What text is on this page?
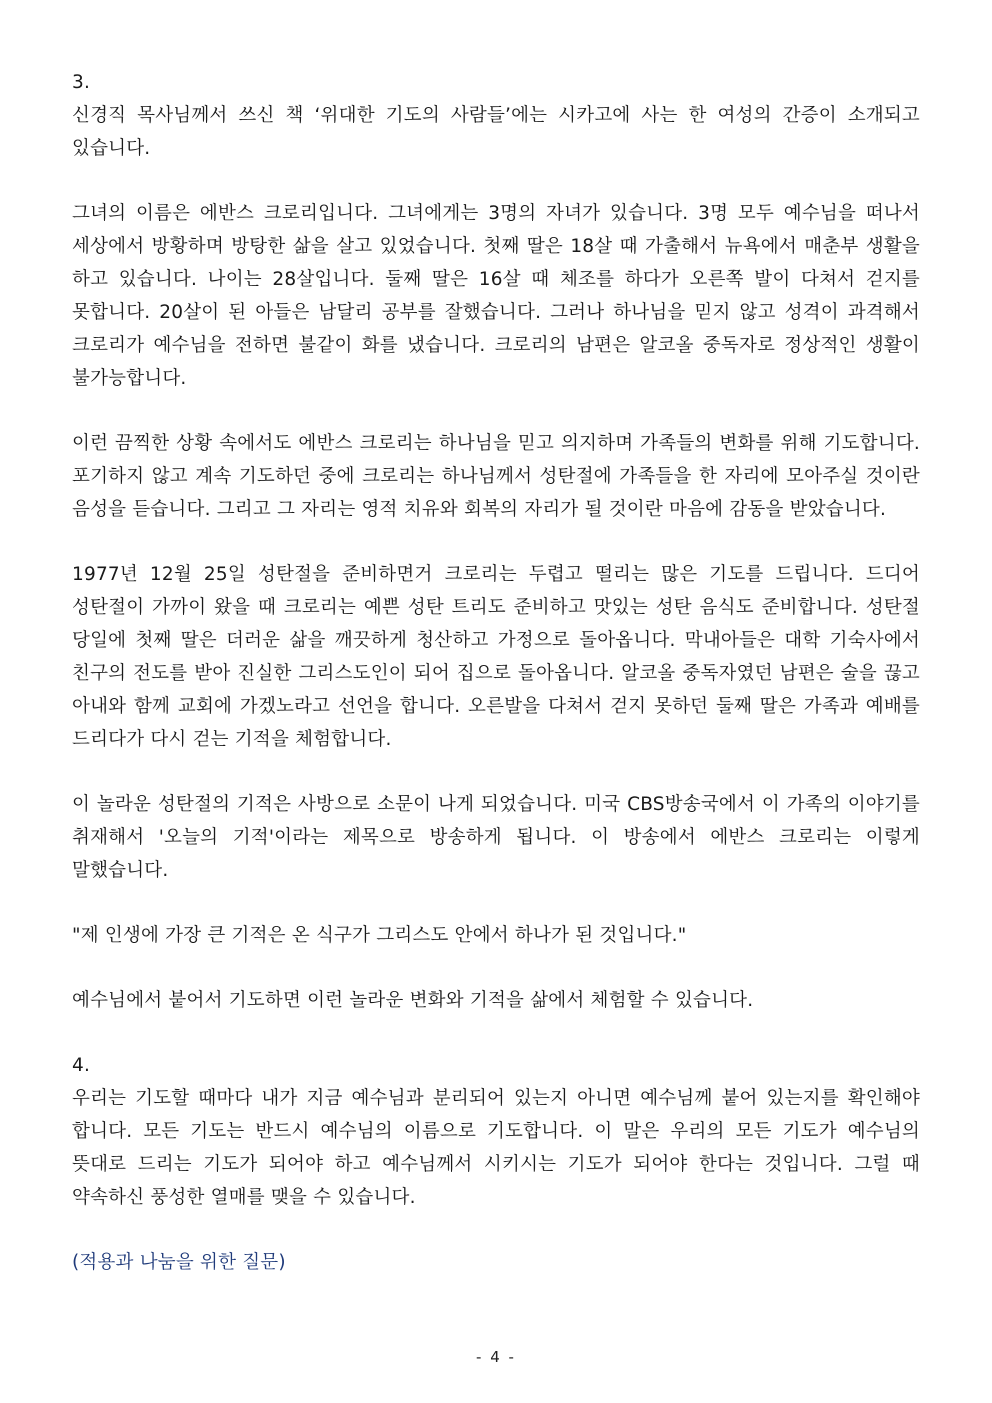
3.

신경직 목사님께서 쓰신 책 ‘위대한 기도의 사람들’에는 시카고에 사는 한 여성의 간증이 소개되고 있습니다.

그녀의 이름은 에반스 크로리입니다. 그녀에게는 3명의 자녀가 있습니다. 3명 모두 예수님을 떠나서 세상에서 방황하며 방탕한 삶을 살고 있었습니다. 첫째 딸은 18살 때 가출해서 뉴욕에서 매춘부 생활을 하고 있습니다. 나이는 28살입니다. 둘째 딸은 16살 때 체조를 하다가 오른쪽 발이 다쳐서 걷지를 못합니다. 20살이 된 아들은 남달리 공부를 잘했습니다. 그러나 하나님을 믿지 않고 성격이 과격해서 크로리가 예수님을 전하면 불같이 화를 냈습니다. 크로리의 남편은 알코올 중독자로 정상적인 생활이 불가능합니다.

이런 끔찍한 상황 속에서도 에반스 크로리는 하나님을 믿고 의지하며 가족들의 변화를 위해 기도합니다. 포기하지 않고 계속 기도하던 중에 크로리는 하나님께서 성탄절에 가족들을 한 자리에 모아주실 것이란 음성을 듣습니다. 그리고 그 자리는 영적 치유와 회복의 자리가 될 것이란 마음에 감동을 받았습니다.

1977년 12월 25일 성탄절을 준비하면거 크로리는 두렵고 떨리는 많은 기도를 드립니다. 드디어 성탄절이 가까이 왔을 때 크로리는 예쁜 성탄 트리도 준비하고 맛있는 성탄 음식도 준비합니다. 성탄절 당일에 첫째 딸은 더러운 삶을 깨끗하게 청산하고 가정으로 돌아옵니다. 막내아들은 대학 기숙사에서 친구의 전도를 받아 진실한 그리스도인이 되어 집으로 돌아옵니다. 알코올 중독자였던 남편은 술을 끊고 아내와 함께 교회에 가겠노라고 선언을 합니다. 오른발을 다쳐서 걷지 못하던 둘째 딸은 가족과 예배를 드리다가 다시 걷는 기적을 체험합니다.

이 놀라운 성탄절의 기적은 사방으로 소문이 나게 되었습니다. 미국 CBS방송국에서 이 가족의 이야기를 취재해서 '오늘의 기적'이라는 제목으로 방송하게 됩니다. 이 방송에서 에반스 크로리는 이렇게 말했습니다.

"제 인생에 가장 큰 기적은 온 식구가 그리스도 안에서 하나가 된 것입니다."

예수님에서 붙어서 기도하면 이런 놀라운 변화와 기적을 삶에서 체험할 수 있습니다.

4.

우리는 기도할 때마다 내가 지금 예수님과 분리되어 있는지 아니면 예수님께 붙어 있는지를 확인해야 합니다. 모든 기도는 반드시 예수님의 이름으로 기도합니다. 이 말은 우리의 모든 기도가 예수님의 뜻대로 드리는 기도가 되어야 하고 예수님께서 시키시는 기도가 되어야 한다는 것입니다. 그럴 때 약속하신 풍성한 열매를 맺을 수 있습니다.

(적용과 나눔을 위한 질문)

- 4 -
